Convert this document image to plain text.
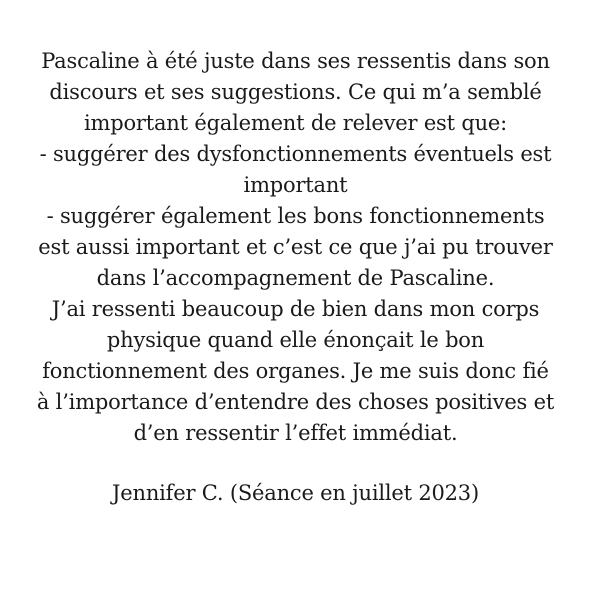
Pascaline à été juste dans ses ressentis dans son
discours et ses suggestions. Ce qui m’a semblé
important également de relever est que:
- suggérer des dysfonctionnements éventuels est
important
- suggérer également les bons fonctionnements
est aussi important et c’est ce que j’ai pu trouver
dans l’accompagnement de Pascaline.
J’ai ressenti beaucoup de bien dans mon corps
physique quand elle énonçait le bon
fonctionnement des organes. Je me suis donc fié
à l’importance d’entendre des choses positives et
d’en ressentir l’effet immédiat.
Jennifer C. (Séance en juillet 2023)
